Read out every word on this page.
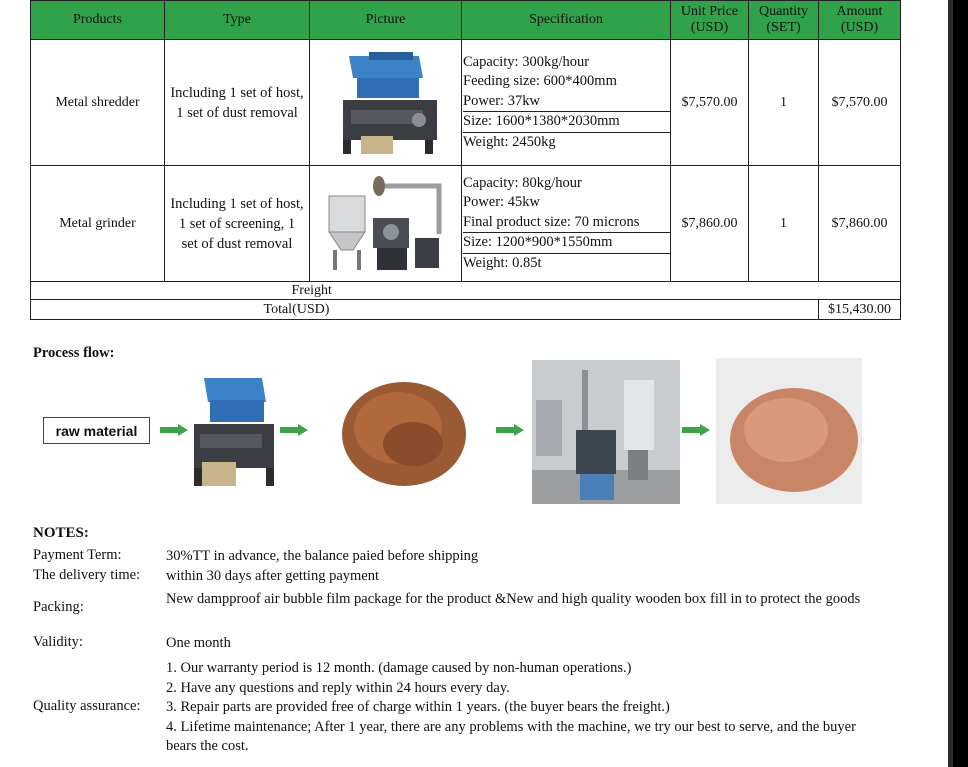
Products	Type	Picture	Specification	Unit Price (USD)	Quantity (SET)	Amount (USD)
Metal shredder	Including 1 set of host, 1 set of dust removal		Capacity: 300kg/hour
Feeding size: 600*400mm
Power: 37kw
Size: 1600*1380*2030mm
Weight: 2450kg	$7,570.00	1	$7,570.00
Metal grinder	Including 1 set of host, 1 set of screening, 1 set of dust removal		Capacity: 80kg/hour
Power: 45kw
Final product size: 70 microns
Size: 1200*900*1550mm
Weight: 0.85t	$7,860.00	1	$7,860.00
		Freight				
		Total(USD)				$15,430.00
Process flow:
raw material
NOTES:
Payment Term:	30%TT in advance, the balance paied before shipping
The delivery time: within 30 days after getting payment
Packing:	New dampproof air bubble film package for the product &New and high quality wooden box fill in to protect the goods
Validity:	One month
Quality assurance:
1. Our warranty period is 12 month. (damage caused by non-human operations.)
2. Have any questions and reply within 24 hours every day.
3. Repair parts are provided free of charge within 1 years. (the buyer bears the freight.)
4. Lifetime maintenance; After 1 year, there are any problems with the machine, we try our best to serve, and the buyer bears the cost.
